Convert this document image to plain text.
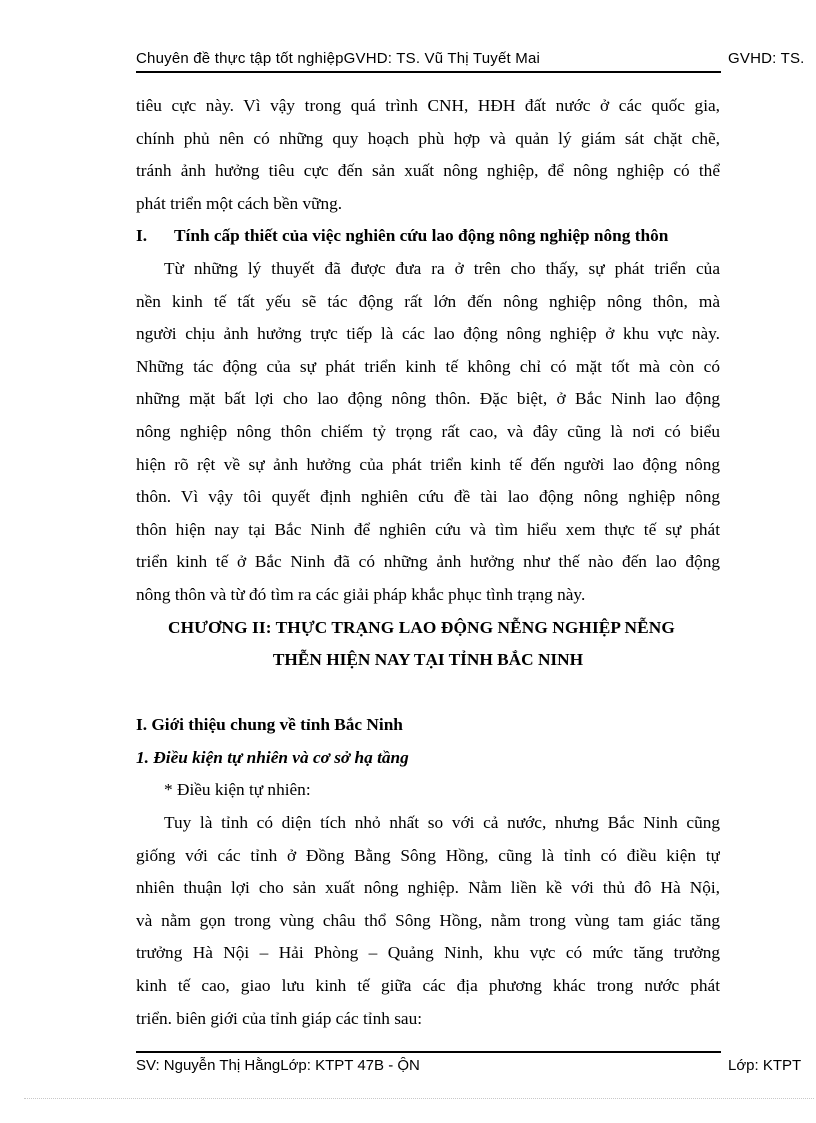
Chuyên đề thực tập tốt nghiệpGVHD: TS. Vũ Thị Tuyết Mai	GVHD: TS.
tiêu cực này. Vì vậy trong quá trình CNH, HĐH đất nước ở các quốc gia,
chính phủ nên có những quy hoạch phù hợp và quản lý giám sát chặt chẽ,
tránh ảnh hưởng tiêu cực đến sản xuất nông nghiệp, để nông nghiệp có thể
phát triển một cách bền vững.
I. Tính cấp thiết của việc nghiên cứu lao động nông nghiệp nông thôn
Từ những lý thuyết đã được đưa ra ở trên cho thấy, sự phát triển của
nền kinh tế tất yếu sẽ tác động rất lớn đến nông nghiệp nông thôn, mà
người chịu ảnh hưởng trực tiếp là các lao động nông nghiệp ở khu vực này.
Những tác động của sự phát triển kinh tế không chỉ có mặt tốt mà còn có
những mặt bất lợi cho lao động nông thôn. Đặc biệt, ở Bắc Ninh lao động
nông nghiệp nông thôn chiếm tỷ trọng rất cao, và đây cũng là nơi có biểu
hiện rõ rệt về sự ảnh hưởng của phát triển kinh tế đến người lao động nông
thôn. Vì vậy tôi quyết định nghiên cứu đề tài lao động nông nghiệp nông
thôn hiện nay tại Bắc Ninh để nghiên cứu và tìm hiểu xem thực tế sự phát
triển kinh tế ở Bắc Ninh đã có những ảnh hưởng như thế nào đến lao động
nông thôn và từ đó tìm ra các giải pháp khắc phục tình trạng này.
CHƯƠNG II: THỰC TRẠNG LAO ĐỘNG NỄNG NGHIỆP NỄNG
THỄN HIỆN NAY TẠI TỈNH BẮC NINH
I. Giới thiệu chung về tỉnh Bắc Ninh
1. Điều kiện tự nhiên và cơ sở hạ tầng
* Điều kiện tự nhiên:
Tuy là tỉnh có diện tích nhỏ nhất so với cả nước, nhưng Bắc Ninh cũng
giống với các tỉnh ở Đồng Bằng Sông Hồng, cũng là tỉnh có điều kiện tự
nhiên thuận lợi cho sản xuất nông nghiệp. Nằm liền kề với thủ đô Hà Nội,
và nằm gọn trong vùng châu thổ Sông Hồng, nằm trong vùng tam giác tăng
trưởng Hà Nội – Hải Phòng – Quảng Ninh, khu vực có mức tăng trưởng
kinh tế cao, giao lưu kinh tế giữa các địa phương khác trong nước phát
triển. biên giới của tỉnh giáp các tỉnh sau:
SV: Nguyễn Thị HằngLớp: KTPT 47B - ỘN	Lớp: KTPT
